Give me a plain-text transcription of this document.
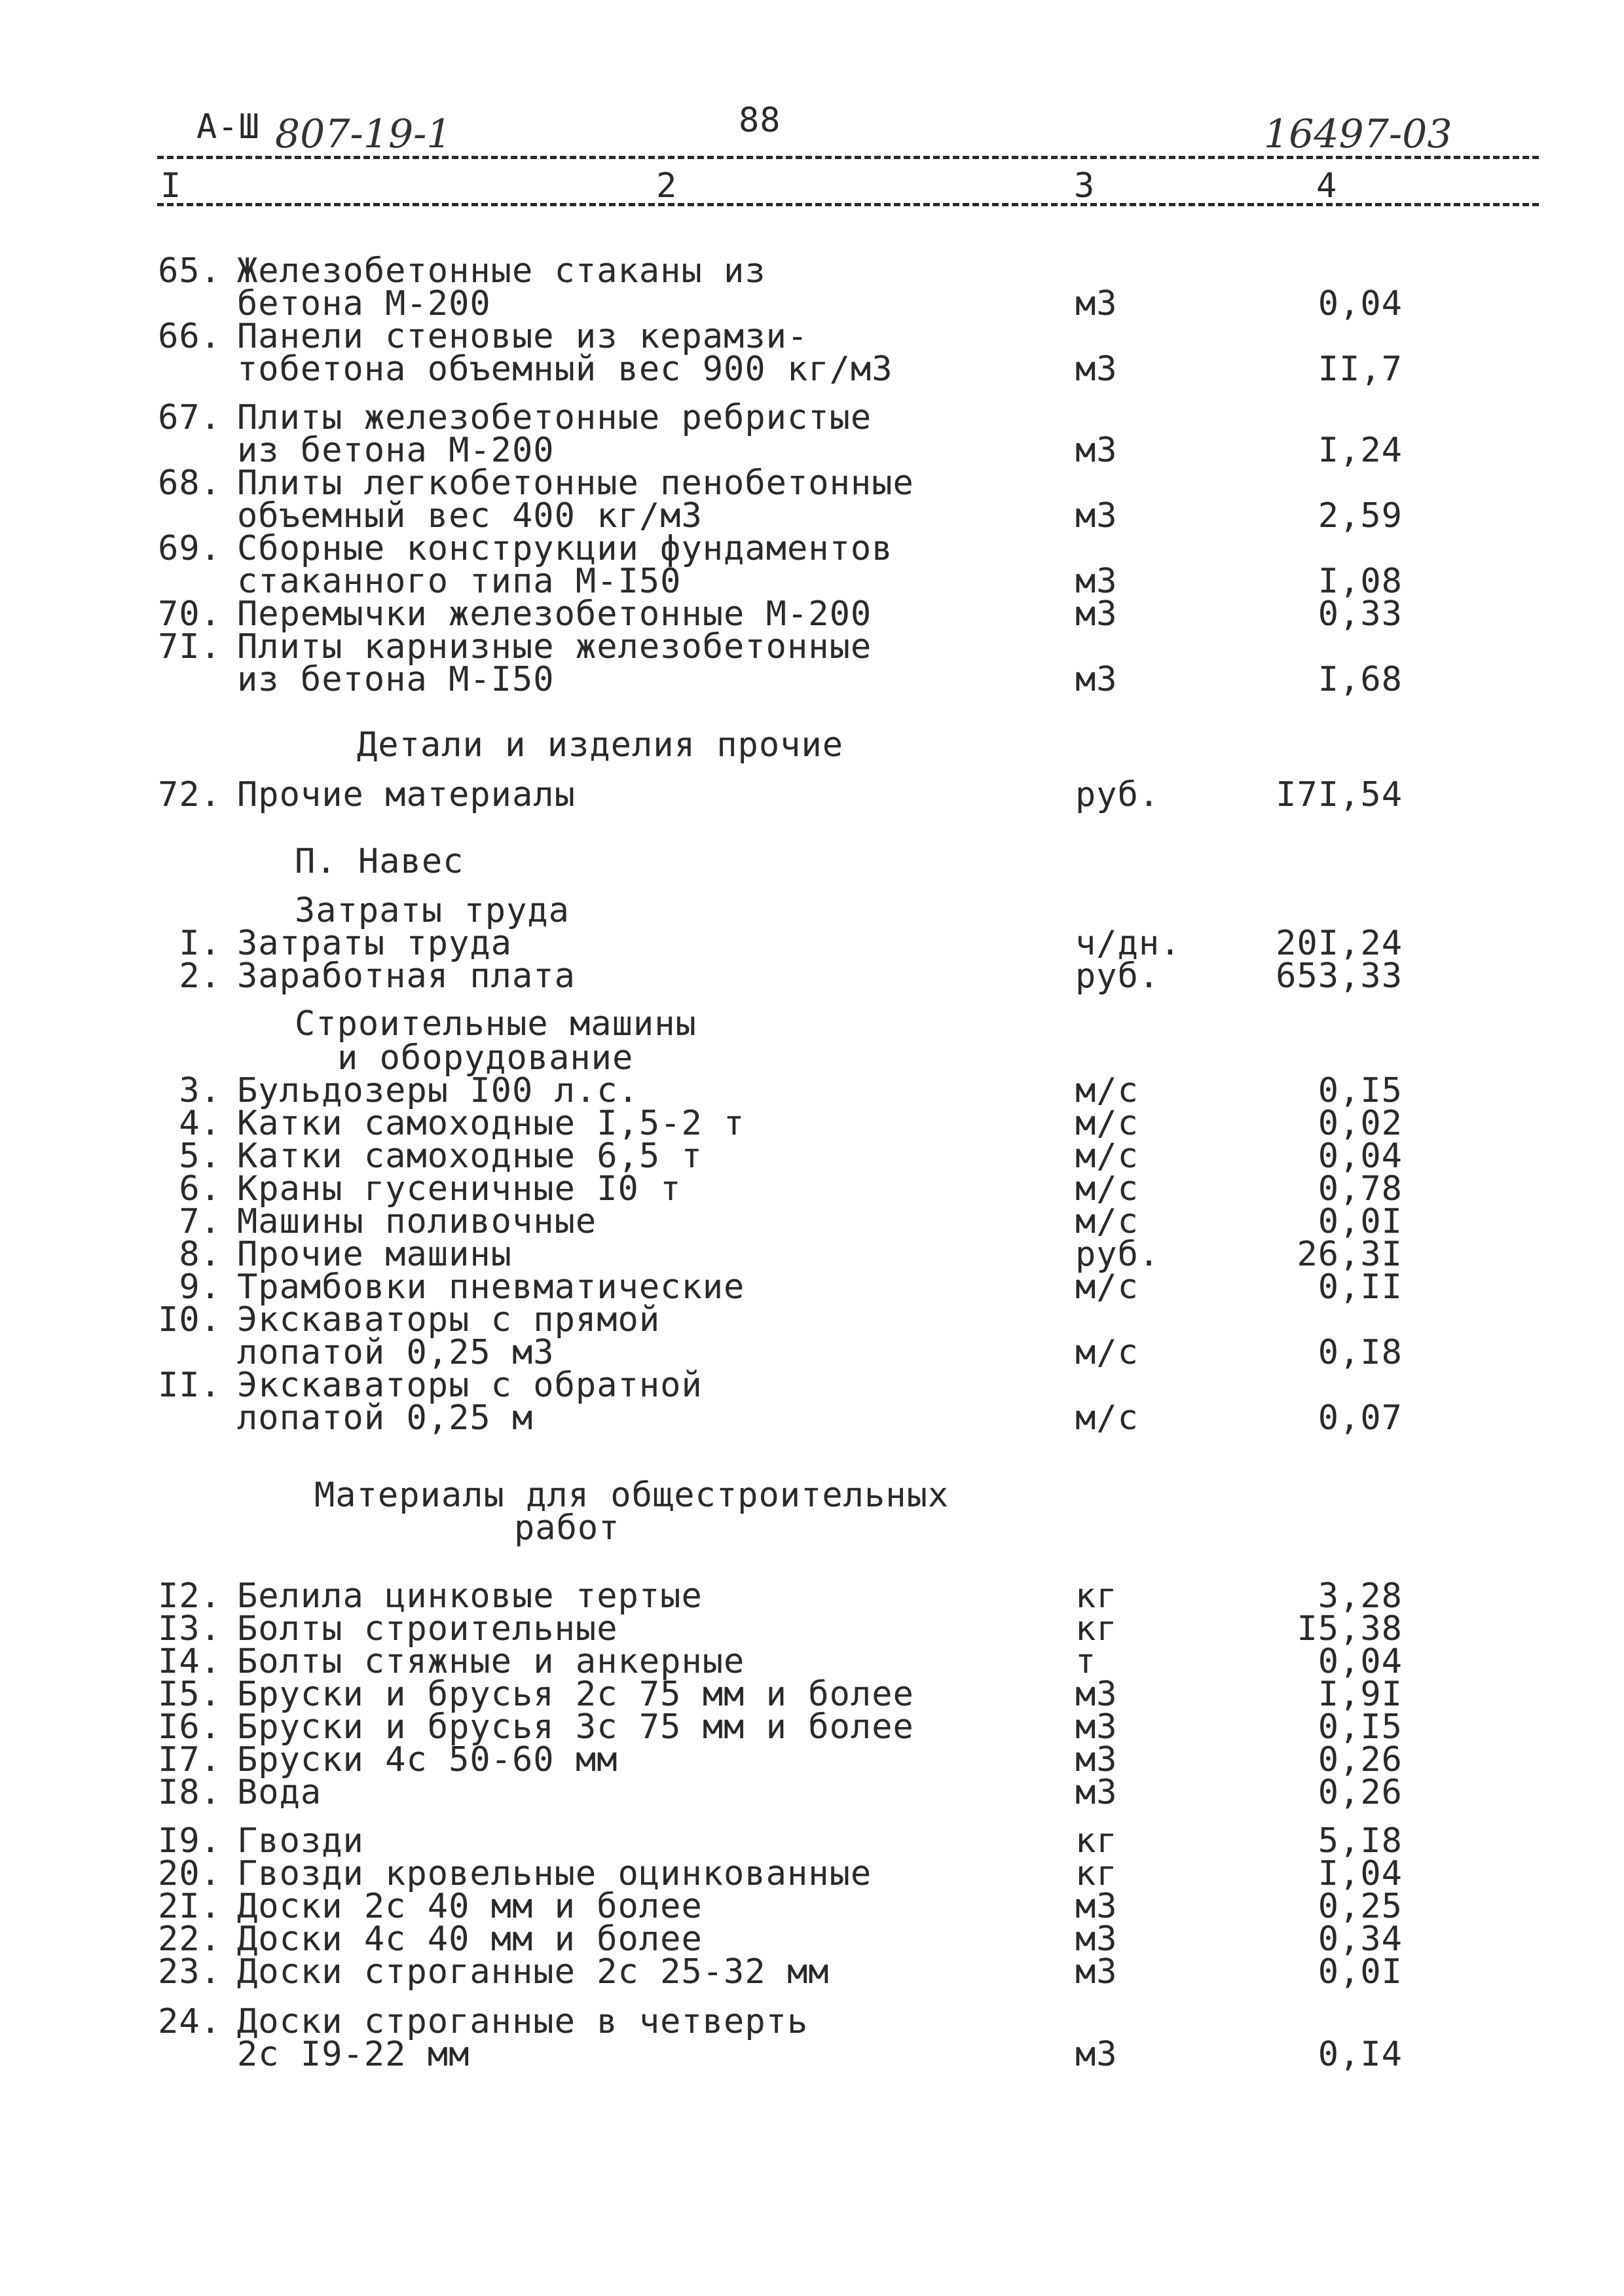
А-Ш 807-19-1	88	16497-03
I	2	3	4
Детали и изделия прочие
П. Навес
Затраты труда
Строительные машины
и оборудование
Материалы для общестроительных
работ
65. Железобетонные стаканы из
бетона М-200	м3	0,04
66. Панели стеновые из керамзи-
тобетона объемный вес 900 кг/м3	м3	II,7
67. Плиты железобетонные ребристые
из бетона М-200	м3	I,24
68. Плиты легкобетонные пенобетонные
объемный вес 400 кг/м3	м3	2,59
69. Сборные конструкции фундаментов
стаканного типа М-I50	м3	I,08
70. Перемычки железобетонные М-200	м3	0,33
7I. Плиты карнизные железобетонные
из бетона М-I50	м3	I,68
72. Прочие материалы	руб.	I7I,54
I. Затраты труда	ч/дн.	20I,24
2. Заработная плата	руб.	653,33
3. Бульдозеры I00 л.с.	м/с	0,I5
4. Катки самоходные I,5-2 т	м/с	0,02
5. Катки самоходные 6,5 т	м/с	0,04
6. Краны гусеничные I0 т	м/с	0,78
7. Машины поливочные	м/с	0,0I
8. Прочие машины	руб.	26,3I
9. Трамбовки пневматические	м/с	0,II
I0. Экскаваторы с прямой
лопатой 0,25 м3	м/с	0,I8
II. Экскаваторы с обратной
лопатой 0,25 м	м/с	0,07
I2. Белила цинковые тертые	кг	3,28
I3. Болты строительные	кг	I5,38
I4. Болты стяжные и анкерные	т	0,04
I5. Бруски и брусья 2с 75 мм и более	м3	I,9I
I6. Бруски и брусья 3с 75 мм и более	м3	0,I5
I7. Бруски 4с 50-60 мм	м3	0,26
I8. Вода	м3	0,26
I9. Гвозди	кг	5,I8
20. Гвозди кровельные оцинкованные	кг	I,04
2I. Доски 2с 40 мм и более	м3	0,25
22. Доски 4с 40 мм и более	м3	0,34
23. Доски строганные 2с 25-32 мм	м3	0,0I
24. Доски строганные в четверть
2с I9-22 мм	м3	0,I4
